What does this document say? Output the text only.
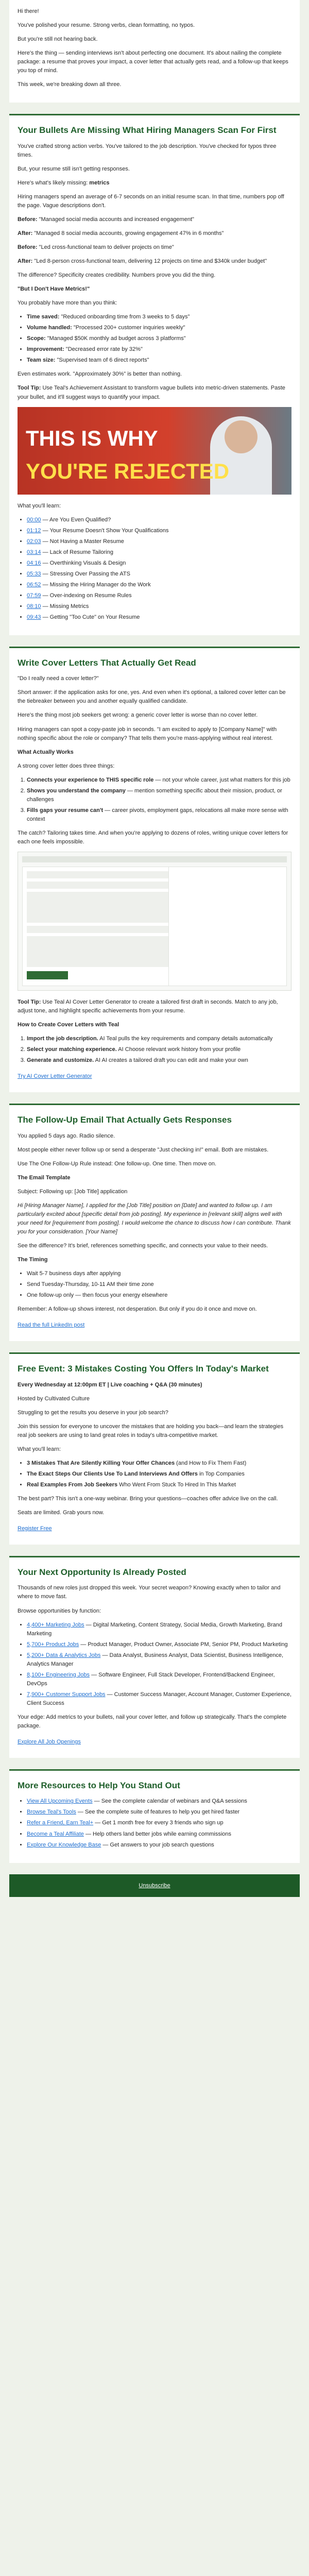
Hi there!

You've polished your resume. Strong verbs, clean formatting, no typos.

But you're still not hearing back.

Here's the thing — sending interviews isn't about perfecting one document. It's about nailing the complete package: a resume that proves your impact, a cover letter that actually gets read, and a follow-up that keeps you top of mind.

This week, we're breaking down all three.

Your Bullets Are Missing What Hiring Managers Scan For First

You've crafted strong action verbs. You've tailored to the job description. You've checked for typos three times.

But, your resume still isn't getting responses.

Here's what's likely missing: metrics

Hiring managers spend an average of 6-7 seconds on an initial resume scan. In that time, numbers pop off the page. Vague descriptions don't.

Before: "Managed social media accounts and increased engagement"

After: "Managed 8 social media accounts, growing engagement 47% in 6 months"

Before: "Led cross-functional team to deliver projects on time"

After: "Led 8-person cross-functional team, delivering 12 projects on time and $340k under budget"

The difference? Specificity creates credibility. Numbers prove you did the thing.

"But I Don't Have Metrics!"

You probably have more than you think:

• Time saved: "Reduced onboarding time from 3 weeks to 5 days"
• Volume handled: "Processed 200+ customer inquiries weekly"
• Scope: "Managed $50K monthly ad budget across 3 platforms"
• Improvement: "Decreased error rate by 32%"
• Team size: "Supervised team of 6 direct reports"

Even estimates work. "Approximately 30%" is better than nothing.

Tool Tip: Use Teal's Achievement Assistant to transform vague bullets into metric-driven statements. Paste your bullet, and it'll suggest ways to quantify your impact.

THIS IS WHY
YOU'RE REJECTED

What you'll learn:

• 00:00 — Are You Even Qualified?
• 01:12 — Your Resume Doesn't Show Your Qualifications
• 02:03 — Not Having a Master Resume
• 03:14 — Lack of Resume Tailoring
• 04:16 — Overthinking Visuals & Design
• 05:33 — Stressing Over Passing the ATS
• 06:52 — Missing the Hiring Manager do the Work
• 07:59 — Over-indexing on Resume Rules
• 08:10 — Missing Metrics
• 09:43 — Getting "Too Cute" on Your Resume
Write Cover Letters That Actually Get Read

"Do I really need a cover letter?"

Short answer: if the application asks for one, yes. And even when it's optional, a tailored cover letter can be the tiebreaker between you and another equally qualified candidate.

Here's the thing most job seekers get wrong: a generic cover letter is worse than no cover letter.

Hiring managers can spot a copy-paste job in seconds. "I am excited to apply to [Company Name]" with nothing specific about the role or company? That tells them you're mass-applying without real interest.

What Actually Works

A strong cover letter does three things:

1. Connects your experience to THIS specific role — not your whole career, just what matters for this job
2. Shows you understand the company — mention something specific about their mission, product, or challenges
3. Fills gaps your resume can't — career pivots, employment gaps, relocations all make more sense with context

The catch? Tailoring takes time. And when you're applying to dozens of roles, writing unique cover letters for each one feels impossible.

Tool Tip: Use Teal AI Cover Letter Generator to create a tailored first draft in seconds. Match to any job, adjust tone, and highlight specific achievements from your resume.

How to Create Cover Letters with Teal

1. Import the job description. AI Teal pulls the key requirements and company details automatically
2. Select your matching experience. AI Choose relevant work history from your profile
3. Generate and customize. AI AI creates a tailored draft you can edit and make your own
Try AI Cover Letter Generator
The Follow-Up Email That Actually Gets Responses

You applied 5 days ago. Radio silence.

Most people either never follow up or send a desperate "Just checking in!" email. Both are mistakes.

Use The One Follow-Up Rule instead: One follow-up. One time. Then move on.

The Email Template

Subject: Following up: [Job Title] application

Hi [Hiring Manager Name], I applied for the [Job Title] position on [Date] and wanted to follow up. I am particularly excited about [specific detail from job posting]. My experience in [relevant skill] aligns well with your need for [requirement from posting]. I would welcome the chance to discuss how I can contribute. Thank you for your consideration. [Your Name]

See the difference? It's brief, references something specific, and connects your value to their needs.

The Timing

• Wait 5-7 business days after applying
• Send Tuesday-Thursday, 10-11 AM their time zone
• One follow-up only — then focus your energy elsewhere

Remember: A follow-up shows interest, not desperation. But only if you do it once and move on.

Read the full LinkedIn post
Free Event: 3 Mistakes Costing You Offers In Today's Market

Every Wednesday at 12:00pm ET | Live coaching + Q&A (30 minutes)

Hosted by Cultivated Culture

Struggling to get the results you deserve in your job search?

Join this session for everyone to uncover the mistakes that are holding you back—and learn the strategies real job seekers are using to land great roles in today's ultra-competitive market.

What you'll learn:

• 3 Mistakes That Are Silently Killing Your Offer Chances (and How to Fix Them Fast)
• The Exact Steps Our Clients Use To Land Interviews And Offers in Top Companies
• Real Examples From Job Seekers Who Went From Stuck To Hired In This Market

The best part? This isn't a one-way webinar. Bring your questions—coaches offer advice live on the call.

Seats are limited. Grab yours now.

Register Free
Your Next Opportunity Is Already Posted

Thousands of new roles just dropped this week. Your secret weapon? Knowing exactly when to tailor and where to move fast.

Browse opportunities by function:

• 4,400+ Marketing Jobs — Digital Marketing, Content Strategy, Social Media, Growth Marketing, Brand Marketing
• 5,700+ Product Jobs — Product Manager, Product Owner, Associate PM, Senior PM, Product Marketing
• 5,200+ Data & Analytics Jobs — Data Analyst, Business Analyst, Data Scientist, Business Intelligence, Analytics Manager
• 8,100+ Engineering Jobs — Software Engineer, Full Stack Developer, Frontend/Backend Engineer, DevOps
• 7,900+ Customer Support Jobs — Customer Success Manager, Account Manager, Customer Experience, Client Success

Your edge: Add metrics to your bullets, nail your cover letter, and follow up strategically. That's the complete package.

Explore All Job Openings
More Resources to Help You Stand Out
• View All Upcoming Events — See the complete calendar of webinars and Q&A sessions
• Browse Teal's Tools — See the complete suite of features to help you get hired faster
• Refer a Friend, Earn Teal+ — Get 1 month free for every 3 friends who sign up
• Become a Teal Affiliate — Help others land better jobs while earning commissions
• Explore Our Knowledge Base — Get answers to your job search questions
Unsubscribe
